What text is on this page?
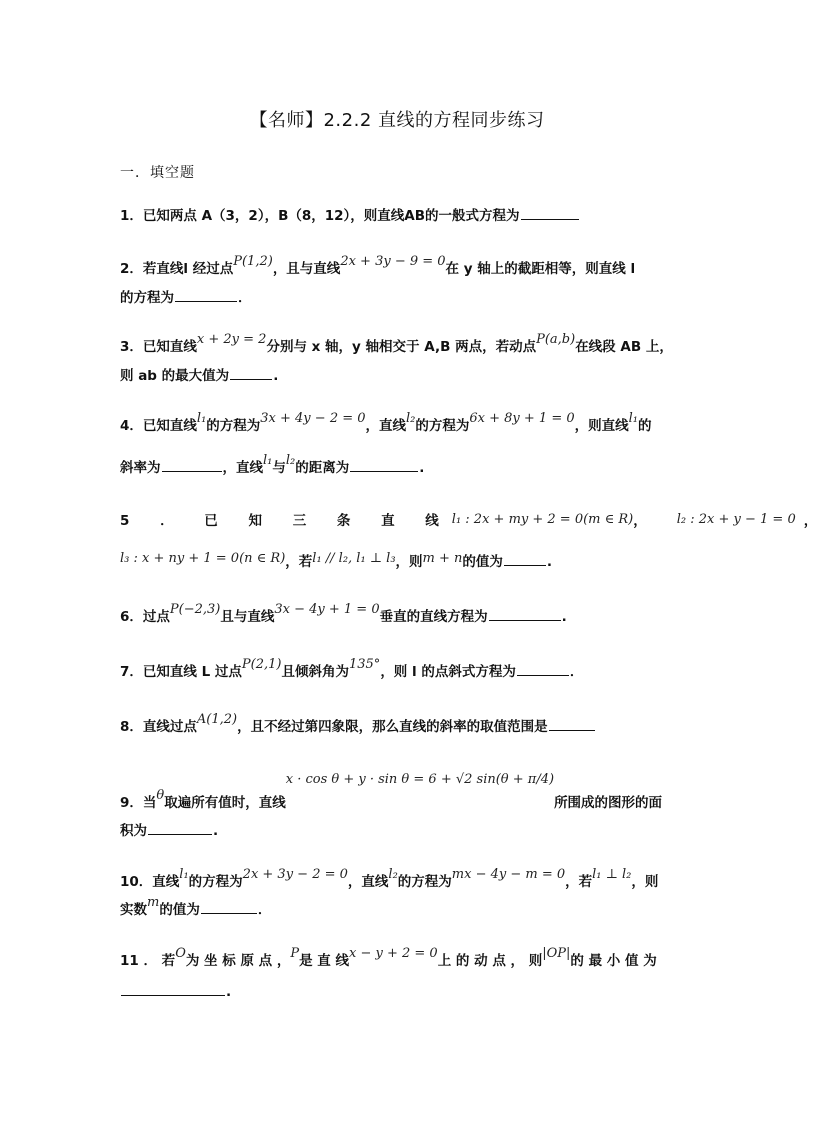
【名师】2.2.2 直线的方程同步练习
一．填空题
1．已知两点 A（3，2），B（8，12），则直线AB的一般式方程为
2．若直线l 经过点P(1,2)，且与直线2x + 3y − 9 = 0在 y 轴上的截距相等，则直线 l
的方程为	．
3．已知直线x + 2y = 2分别与 x 轴，y 轴相交于 A,B 两点，若动点P(a,b)在线段 AB 上，
则 ab 的最大值为	.
4．已知直线l₁的方程为3x + 4y − 2 = 0，直线l₂的方程为6x + 8y + 1 = 0，则直线l₁的
斜率为	，直线l₁与l₂的距离为	.
5 ． 已 知 三 条 直 线l₁ : 2x + my + 2 = 0(m ∈ R)， l₂ : 2x + y − 1 = 0 ，
l₃ : x + ny + 1 = 0(n ∈ R)，若l₁ // l₂, l₁ ⊥ l₃，则m + n的值为	.
6．过点P(−2,3)且与直线3x − 4y + 1 = 0垂直的直线方程为	.
7．已知直线 L 过点P(2,1)且倾斜角为135°，则 l 的点斜式方程为	．
8．直线过点A(1,2)，且不经过第四象限，那么直线的斜率的取值范围是
9．当θ取遍所有值时，直线x · cos θ + y · sin θ = 6 + √2 sin(θ + π/4)所围成的图形的面
积为	.
10．直线l₁的方程为2x + 3y − 2 = 0，直线l₂的方程为mx − 4y − m = 0，若l₁ ⊥ l₂，则
实数m的值为	．
11 ． 若O为 坐 标 原 点 ，P是 直 线x − y + 2 = 0上 的 动 点 ， 则|OP|的 最 小 值 为
.
